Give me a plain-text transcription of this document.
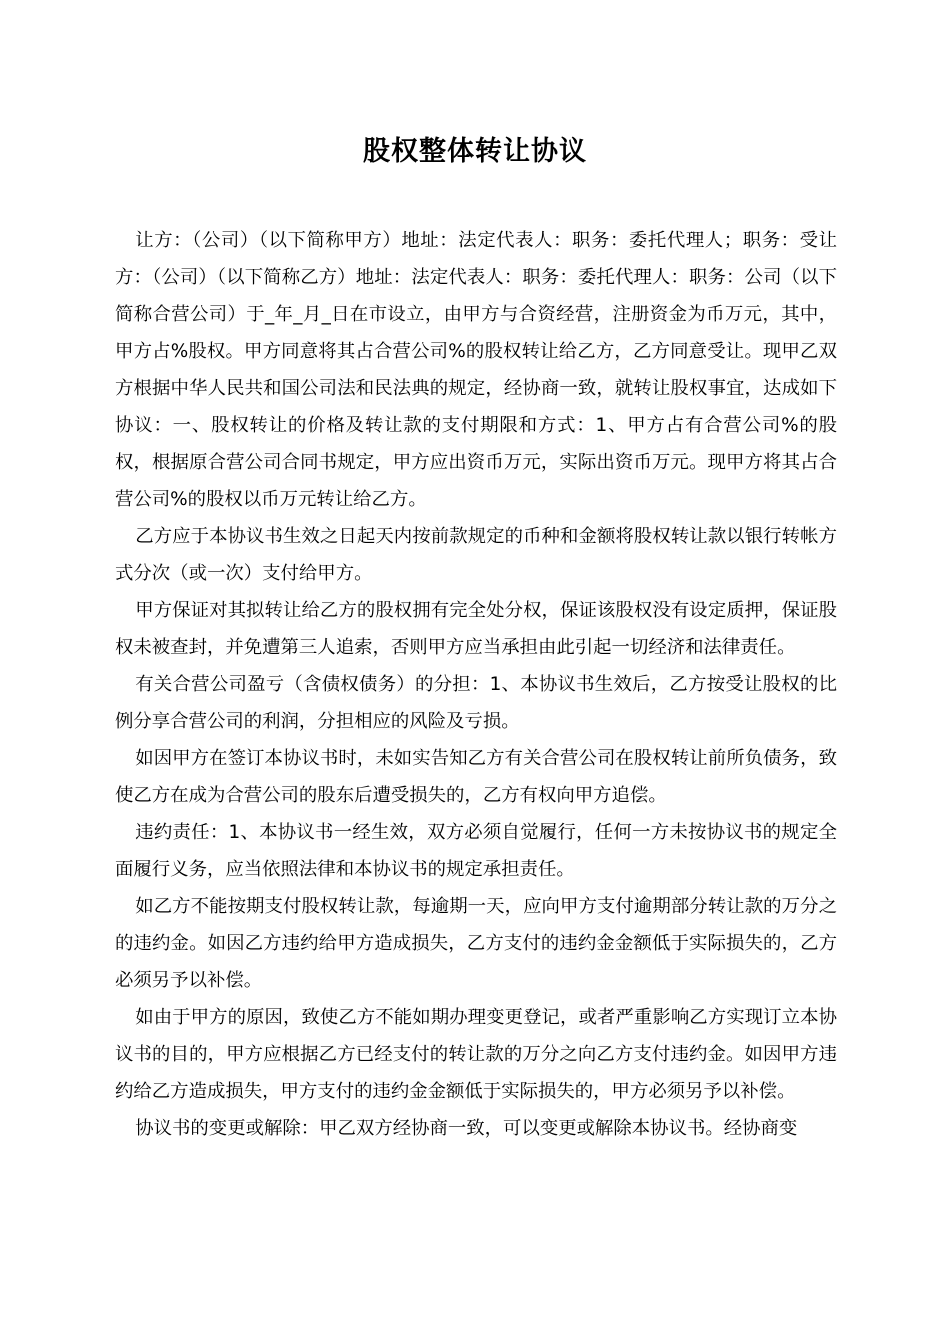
股权整体转让协议

让方：（公司）（以下简称甲方）地址：法定代表人：职务：委托代理人；职务：受让方：（公司）（以下简称乙方）地址：法定代表人：职务：委托代理人：职务：公司（以下简称合营公司）于_年_月_日在市设立，由甲方与合资经营，注册资金为币万元，其中，甲方占%股权。甲方同意将其占合营公司%的股权转让给乙方，乙方同意受让。现甲乙双方根据中华人民共和国公司法和民法典的规定，经协商一致，就转让股权事宜，达成如下协议：一、股权转让的价格及转让款的支付期限和方式：1、甲方占有合营公司%的股权，根据原合营公司合同书规定，甲方应出资币万元，实际出资币万元。现甲方将其占合营公司%的股权以币万元转让给乙方。

乙方应于本协议书生效之日起天内按前款规定的币种和金额将股权转让款以银行转帐方式分次（或一次）支付给甲方。

甲方保证对其拟转让给乙方的股权拥有完全处分权，保证该股权没有设定质押，保证股权未被查封，并免遭第三人追索，否则甲方应当承担由此引起一切经济和法律责任。

有关合营公司盈亏（含债权债务）的分担：1、本协议书生效后，乙方按受让股权的比例分享合营公司的利润，分担相应的风险及亏损。

如因甲方在签订本协议书时，未如实告知乙方有关合营公司在股权转让前所负债务，致使乙方在成为合营公司的股东后遭受损失的，乙方有权向甲方追偿。

违约责任：1、本协议书一经生效，双方必须自觉履行，任何一方未按协议书的规定全面履行义务，应当依照法律和本协议书的规定承担责任。

如乙方不能按期支付股权转让款，每逾期一天，应向甲方支付逾期部分转让款的万分之的违约金。如因乙方违约给甲方造成损失，乙方支付的违约金金额低于实际损失的，乙方必须另予以补偿。

如由于甲方的原因，致使乙方不能如期办理变更登记，或者严重影响乙方实现订立本协议书的目的，甲方应根据乙方已经支付的转让款的万分之向乙方支付违约金。如因甲方违约给乙方造成损失，甲方支付的违约金金额低于实际损失的，甲方必须另予以补偿。

协议书的变更或解除：甲乙双方经协商一致，可以变更或解除本协议书。经协商变
